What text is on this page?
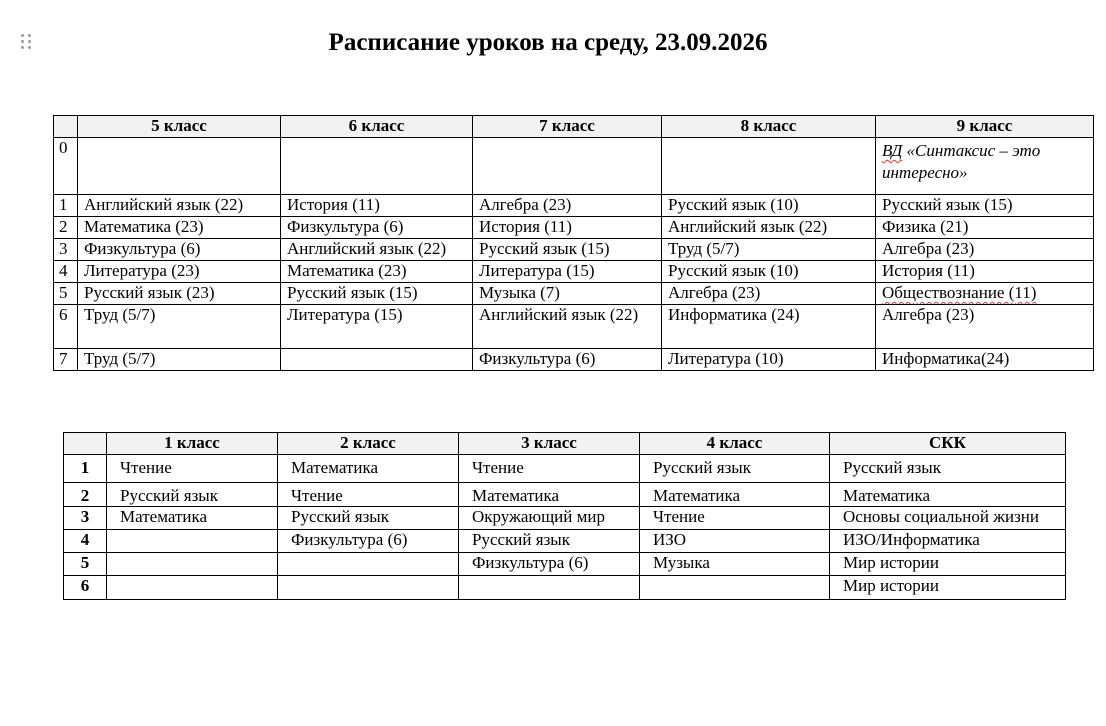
Расписание уроков на среду, 23.09.2026
	5 класс	6 класс	7 класс	8 класс	9 класс
0					ВД «Синтаксис – это интересно»
1	Английский язык (22)	История (11)	Алгебра (23)	Русский язык (10)	Русский язык (15)
2	Математика (23)	Физкультура (6)	История (11)	Английский язык (22)	Физика (21)
3	Физкультура (6)	Английский язык (22)	Русский язык (15)	Труд (5/7)	Алгебра (23)
4	Литература (23)	Математика (23)	Литература (15)	Русский язык (10)	История (11)
5	Русский язык (23)	Русский язык (15)	Музыка (7)	Алгебра (23)	Обществознание (11)
6	Труд (5/7)	Литература (15)	Английский язык (22)	Информатика (24)	Алгебра (23)
7	Труд (5/7)		Физкультура (6)	Литература (10)	Информатика(24)
	1 класс	2 класс	3 класс	4 класс	СКК
1	Чтение	Математика	Чтение	Русский язык	Русский язык
2	Русский язык	Чтение	Математика	Математика	Математика
3	Математика	Русский язык	Окружающий мир	Чтение	Основы социальной жизни
4		Физкультура (6)	Русский язык	ИЗО	ИЗО/Информатика
5			Физкультура (6)	Музыка	Мир истории
6					Мир истории
